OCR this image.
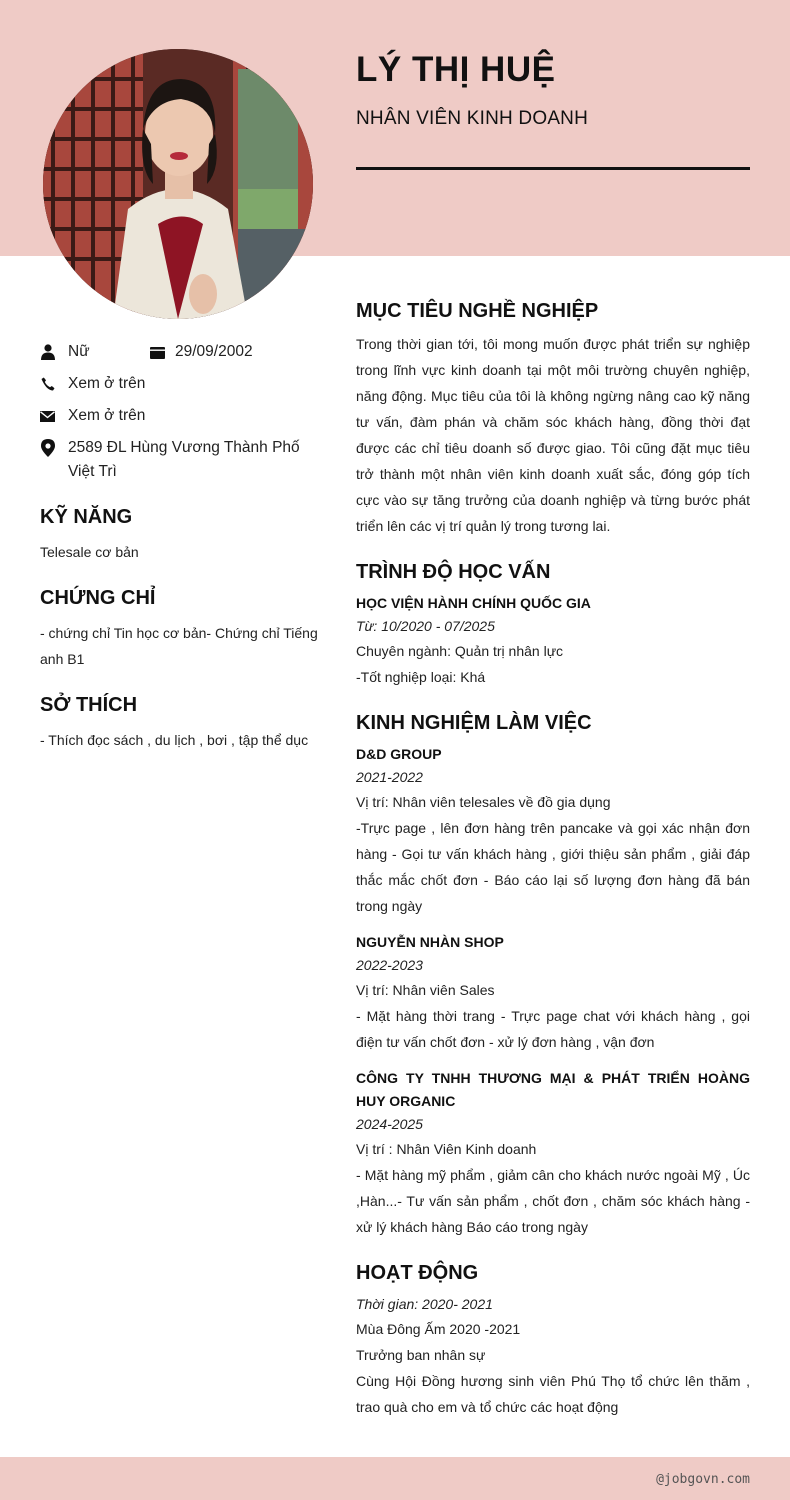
LÝ THỊ HUỆ
NHÂN VIÊN KINH DOANH
Nữ	29/09/2002
Xem ở trên
Xem ở trên
2589 ĐL Hùng Vương Thành Phố Việt Trì
KỸ NĂNG
Telesale cơ bản
CHỨNG CHỈ
- chứng chỉ Tin học cơ bản- Chứng chỉ Tiếng anh B1
SỞ THÍCH
- Thích đọc sách , du lịch , bơi , tập thể dục
MỤC TIÊU NGHỀ NGHIỆP
Trong thời gian tới, tôi mong muốn được phát triển sự nghiệp trong lĩnh vực kinh doanh tại một môi trường chuyên nghiệp, năng động. Mục tiêu của tôi là không ngừng nâng cao kỹ năng tư vấn, đàm phán và chăm sóc khách hàng, đồng thời đạt được các chỉ tiêu doanh số được giao. Tôi cũng đặt mục tiêu trở thành một nhân viên kinh doanh xuất sắc, đóng góp tích cực vào sự tăng trưởng của doanh nghiệp và từng bước phát triển lên các vị trí quản lý trong tương lai.
TRÌNH ĐỘ HỌC VẤN
HỌC VIỆN HÀNH CHÍNH QUỐC GIA
Từ: 10/2020 - 07/2025
Chuyên ngành: Quản trị nhân lực
-Tốt nghiệp loại: Khá
KINH NGHIỆM LÀM VIỆC
D&D GROUP
2021-2022
Vị trí: Nhân viên telesales về đồ gia dụng
-Trực page , lên đơn hàng trên pancake và gọi xác nhận đơn hàng - Gọi tư vấn khách hàng , giới thiệu sản phẩm , giải đáp thắc mắc chốt đơn - Báo cáo lại số lượng đơn hàng đã bán trong ngày
NGUYỄN NHÀN SHOP
2022-2023
Vị trí: Nhân viên Sales
- Mặt hàng thời trang - Trực page chat với khách hàng , gọi điện tư vấn chốt đơn - xử lý đơn hàng , vận đơn
CÔNG TY TNHH THƯƠNG MẠI & PHÁT TRIỂN HOÀNG HUY ORGANIC
2024-2025
Vị trí : Nhân Viên Kinh doanh
- Mặt hàng mỹ phẩm , giảm cân cho khách nước ngoài Mỹ , Úc ,Hàn...- Tư vấn sản phẩm , chốt đơn , chăm sóc khách hàng - xử lý khách hàng Báo cáo trong ngày
HOẠT ĐỘNG
Thời gian: 2020- 2021
Mùa Đông Ấm 2020 -2021
Trưởng ban nhân sự
Cùng Hội Đồng hương sinh viên Phú Thọ tổ chức lên thăm , trao quà cho em và tổ chức các hoạt động
@jobgovn.com
